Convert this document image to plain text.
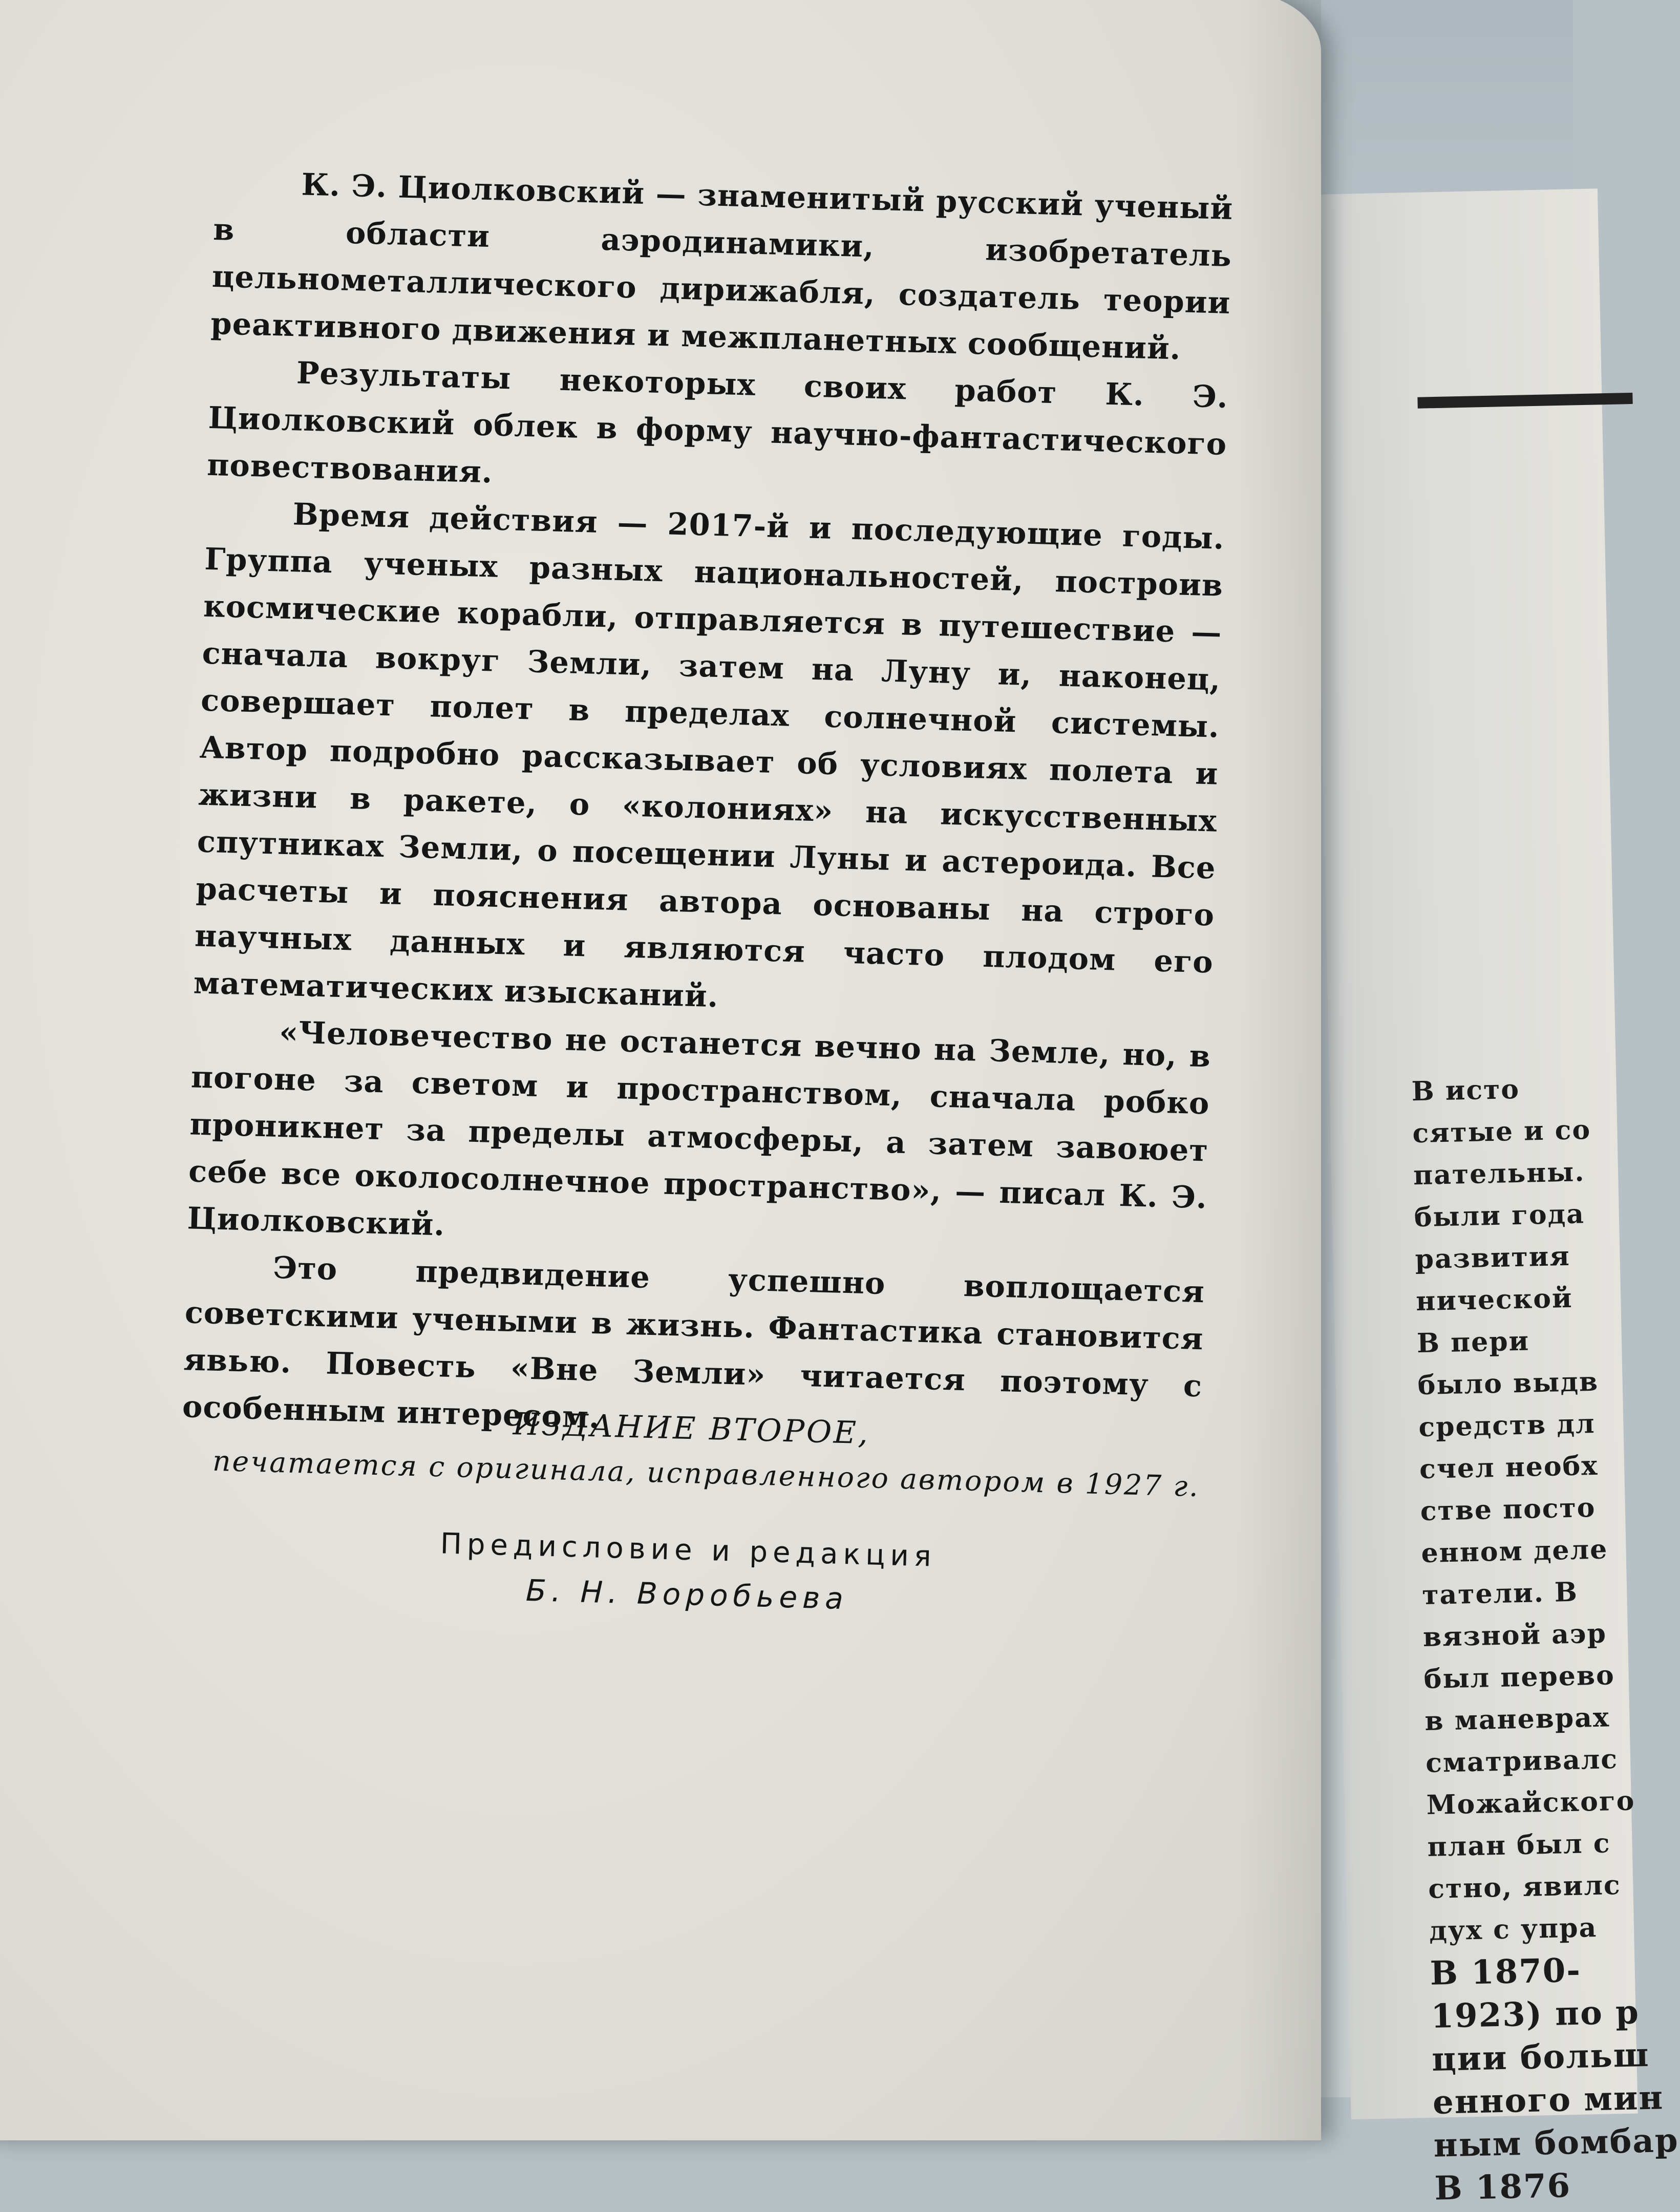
В исто
сятые и со
пательны.
были года
развития
нической
В пери
было выдв
средств дл
счел необх
стве посто
енном деле
татели. В
вязной аэр
был перево
в маневрах
сматривалс
Можайского
план был с
стно, явилс
дух с упра
В 1870-
1923) по р
ции больш
енного мин
ным бомбар
В 1876

К. Э. Циолковский — знаменитый русский ученый в области аэродинамики, изобретатель цельнометаллического дирижабля, создатель теории реактивного движения и межпланетных сообщений.

Результаты некоторых своих работ К. Э. Циолковский облек в форму научно-фантастического повествования.

Время действия — 2017-й и последующие годы. Группа ученых разных национальностей, построив космические корабли, отправляется в путешествие — сначала вокруг Земли, затем на Луну и, наконец, совершает полет в пределах солнечной системы. Автор подробно рассказывает об условиях полета и жизни в ракете, о «колониях» на искусственных спутниках Земли, о посещении Луны и астероида. Все расчеты и пояснения автора основаны на строго научных данных и являются часто плодом его математических изысканий.

«Человечество не останется вечно на Земле, но, в погоне за светом и пространством, сначала робко проникнет за пределы атмосферы, а затем завоюет себе все околосолнечное пространство», — писал К. Э. Циолковский.

Это предвидение успешно воплощается советскими учеными в жизнь. Фантастика становится явью. Повесть «Вне Земли» читается поэтому с особенным интересом.

ИЗДАНИЕ ВТОРОЕ,

печатается с оригинала, исправленного автором в 1927 г.

Предисловие и редакция

Б. Н. Воробьева
